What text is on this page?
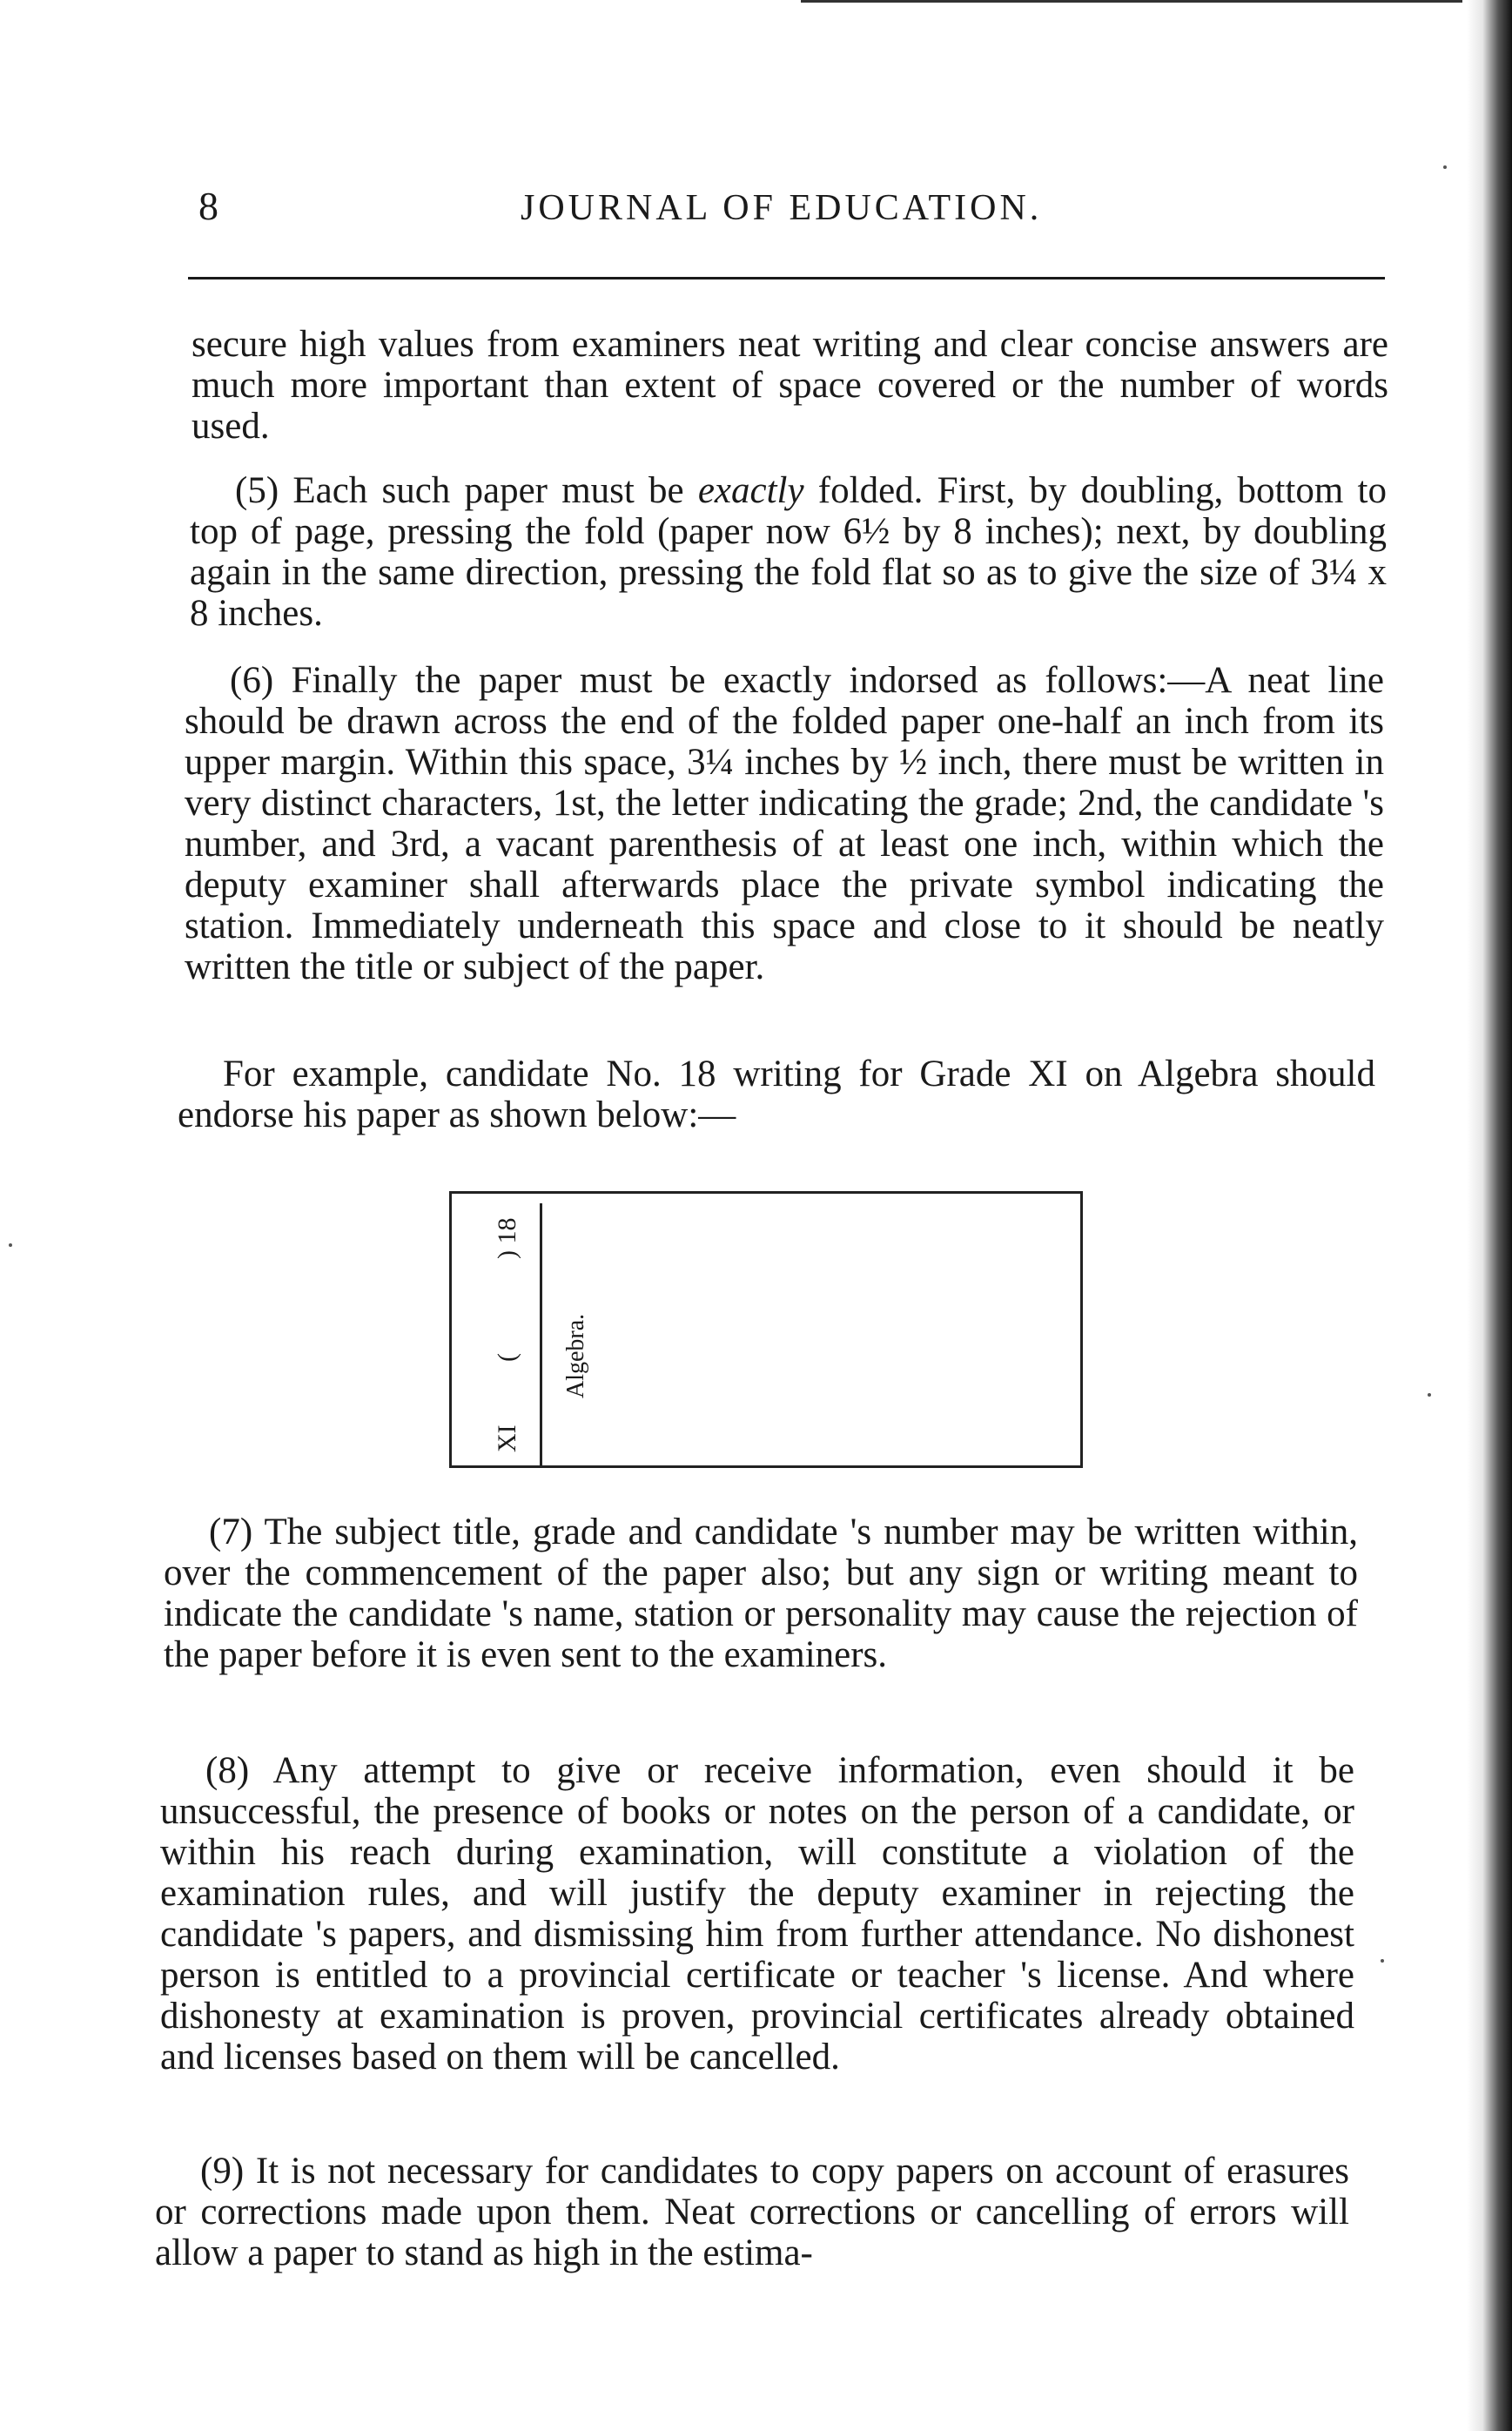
8	JOURNAL OF EDUCATION.

secure high values from examiners neat writing and clear concise answers are much more important than extent of space covered or the number of words used.

(5) Each such paper must be exactly folded. First, by doubling, bottom to top of page, pressing the fold (paper now 6½ by 8 inches); next, by doubling again in the same direction, pressing the fold flat so as to give the size of 3¼ x 8 inches.

(6) Finally the paper must be exactly indorsed as follows:—A neat line should be drawn across the end of the folded paper one-half an inch from its upper margin. Within this space, 3¼ inches by ½ inch, there must be written in very distinct characters, 1st, the letter indicating the grade; 2nd, the candidate 's number, and 3rd, a vacant parenthesis of at least one inch, within which the deputy examiner shall afterwards place the private symbol indicating the station. Immediately underneath this space and close to it should be neatly written the title or subject of the paper.

For example, candidate No. 18 writing for Grade XI on Algebra should endorse his paper as shown below:—

XI
(
) 18
Algebra.

(7) The subject title, grade and candidate 's number may be written within, over the commencement of the paper also; but any sign or writing meant to indicate the candidate 's name, station or personality may cause the rejection of the paper before it is even sent to the examiners.

(8) Any attempt to give or receive information, even should it be unsuccessful, the presence of books or notes on the person of a candidate, or within his reach during examination, will constitute a violation of the examination rules, and will justify the deputy examiner in rejecting the candidate 's papers, and dismissing him from further attendance. No dishonest person is entitled to a provincial certificate or teacher 's license. And where dishonesty at examination is proven, provincial certificates already obtained and licenses based on them will be cancelled.

(9) It is not necessary for candidates to copy papers on account of erasures or corrections made upon them. Neat corrections or cancelling of errors will allow a paper to stand as high in the estima-
